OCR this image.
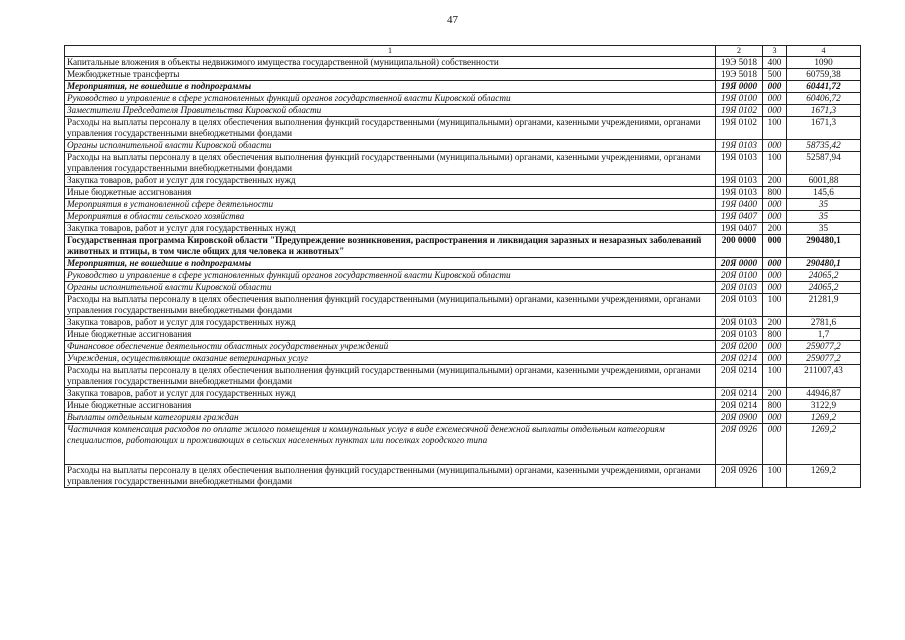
47
1	2	3	4
Капитальные вложения в объекты недвижимого имущества государственной (муниципальной) собственности	19Э 5018	400	1090
Межбюджетные трансферты	19Э 5018	500	60759,38
Мероприятия, не вошедшие в подпрограммы	19Я 0000	000	60441,72
Руководство и управление в сфере установленных функций органов государственной власти Кировской области	19Я 0100	000	60406,72
Заместители Председателя Правительства Кировской области	19Я 0102	000	1671,3
Расходы на выплаты персоналу в целях обеспечения выполнения функций государственными (муниципальными) органами, казенными учреждениями, органами управления государственными внебюджетными фондами	19Я 0102	100	1671,3
Органы исполнительной власти Кировской области	19Я 0103	000	58735,42
Расходы на выплаты персоналу в целях обеспечения выполнения функций государственными (муниципальными) органами, казенными учреждениями, органами управления государственными внебюджетными фондами	19Я 0103	100	52587,94
Закупка товаров, работ и услуг для государственных нужд	19Я 0103	200	6001,88
Иные бюджетные ассигнования	19Я 0103	800	145,6
Мероприятия в установленной сфере деятельности	19Я 0400	000	35
Мероприятия в области сельского хозяйства	19Я 0407	000	35
Закупка товаров, работ и услуг для государственных нужд	19Я 0407	200	35
Государственная программа Кировской области "Предупреждение возникновения, распространения и ликвидация заразных и незаразных заболеваний животных и птицы, в том числе общих для человека и животных"	200 0000	000	290480,1
Мероприятия, не вошедшие в подпрограммы	20Я 0000	000	290480,1
Руководство и управление в сфере установленных функций органов государственной власти Кировской области	20Я 0100	000	24065,2
Органы исполнительной власти Кировской области	20Я 0103	000	24065,2
Расходы на выплаты персоналу в целях обеспечения выполнения функций государственными (муниципальными) органами, казенными учреждениями, органами управления государственными внебюджетными фондами	20Я 0103	100	21281,9
Закупка товаров, работ и услуг для государственных нужд	20Я 0103	200	2781,6
Иные бюджетные ассигнования	20Я 0103	800	1,7
Финансовое обеспечение деятельности областных государственных учреждений	20Я 0200	000	259077,2
Учреждения, осуществляющие оказание ветеринарных услуг	20Я 0214	000	259077,2
Расходы на выплаты персоналу в целях обеспечения выполнения функций государственными (муниципальными) органами, казенными учреждениями, органами управления государственными внебюджетными фондами	20Я 0214	100	211007,43
Закупка товаров, работ и услуг для государственных нужд	20Я 0214	200	44946,87
Иные бюджетные ассигнования	20Я 0214	800	3122,9
Выплаты отдельным категориям граждан	20Я 0900	000	1269,2
Частичная компенсация расходов по оплате жилого помещения и коммунальных услуг в виде ежемесячной денежной выплаты отдельным категориям специалистов, работающих и проживающих в сельских населенных пунктах или поселках городского типа	20Я 0926	000	1269,2
Расходы на выплаты персоналу в целях обеспечения выполнения функций государственными (муниципальными) органами, казенными учреждениями, органами управления государственными внебюджетными фондами	20Я 0926	100	1269,2
